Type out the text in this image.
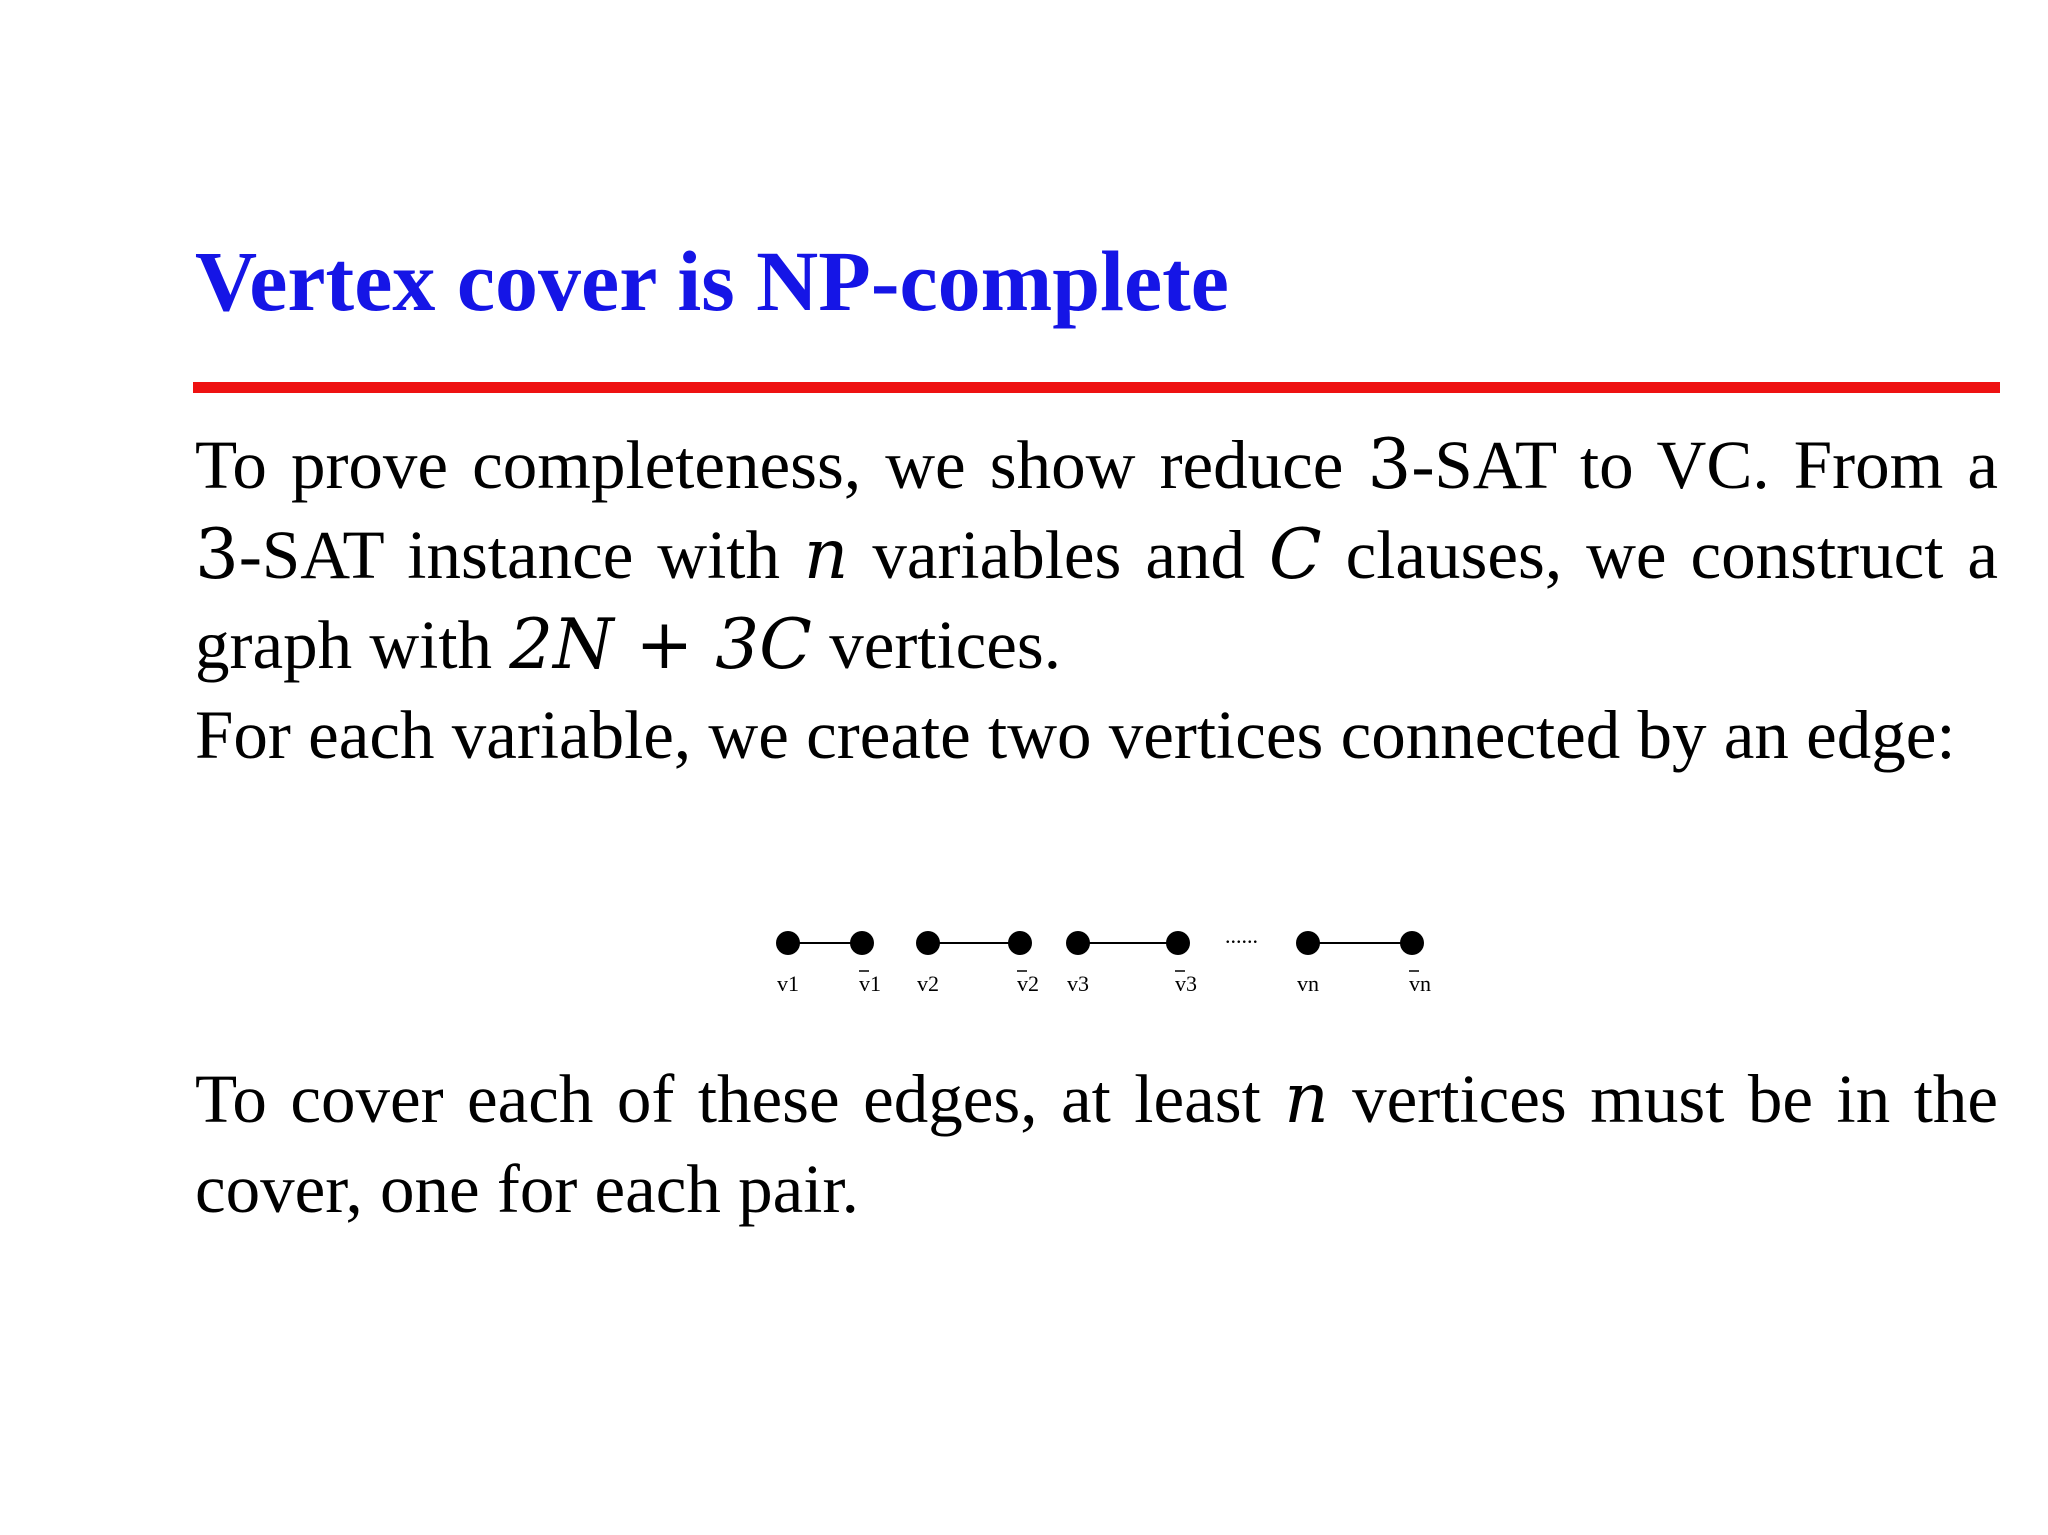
Vertex cover is NP-complete

To prove completeness, we show reduce 3-SAT to VC. From a 3-SAT instance with n variables and C clauses, we construct a graph with 2N + 3C vertices.

For each variable, we create two vertices connected by an edge:

......
v1	v1 v2	v2 v3	v3	vn	vn

To cover each of these edges, at least n vertices must be in the cover, one for each pair.
